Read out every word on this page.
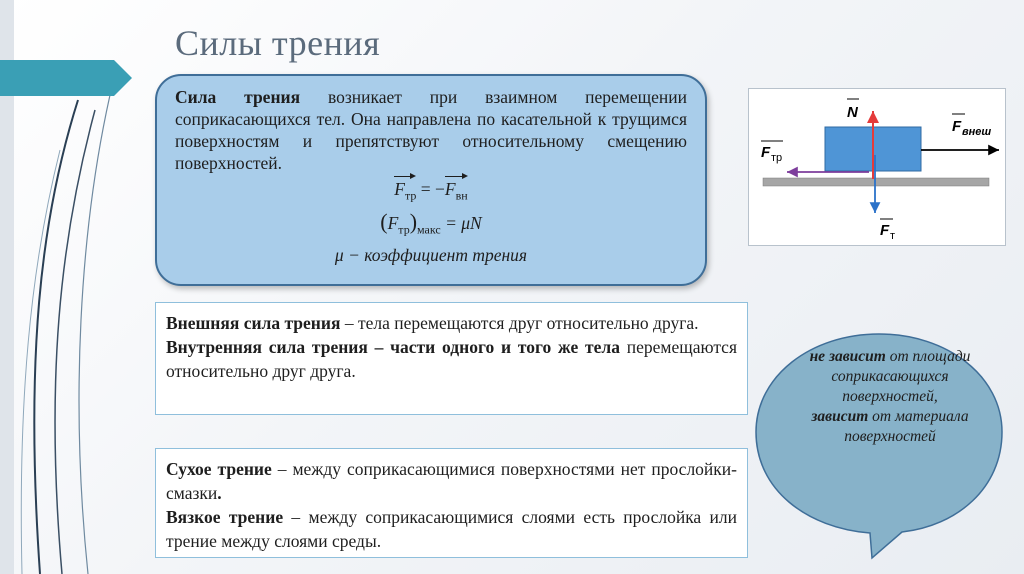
Силы трения
Сила трения возникает при взаимном перемещении соприкасающихся тел. Она направлена по касательной к трущимся поверхностям и препятствуют относительному смещению поверхностей.
$F_{тр} = -F_{вн}$
$(F_{тр})_{макс} = \mu N$
μ − коэффициент трения
N
F внеш
F тр
F т

Внешняя сила трения – тела перемещаются друг относительно друга.

Внутренняя сила трения – части одного и того же тела перемещаются относительно друг друга.

Сухое трение – между соприкасающимися поверхностями нет прослойки-смазки.

Вязкое трение – между соприкасающимися слоями есть прослойка или трение между слоями среды.

не зависит от площади соприкасающихся поверхностей,
зависит от материала поверхностей
